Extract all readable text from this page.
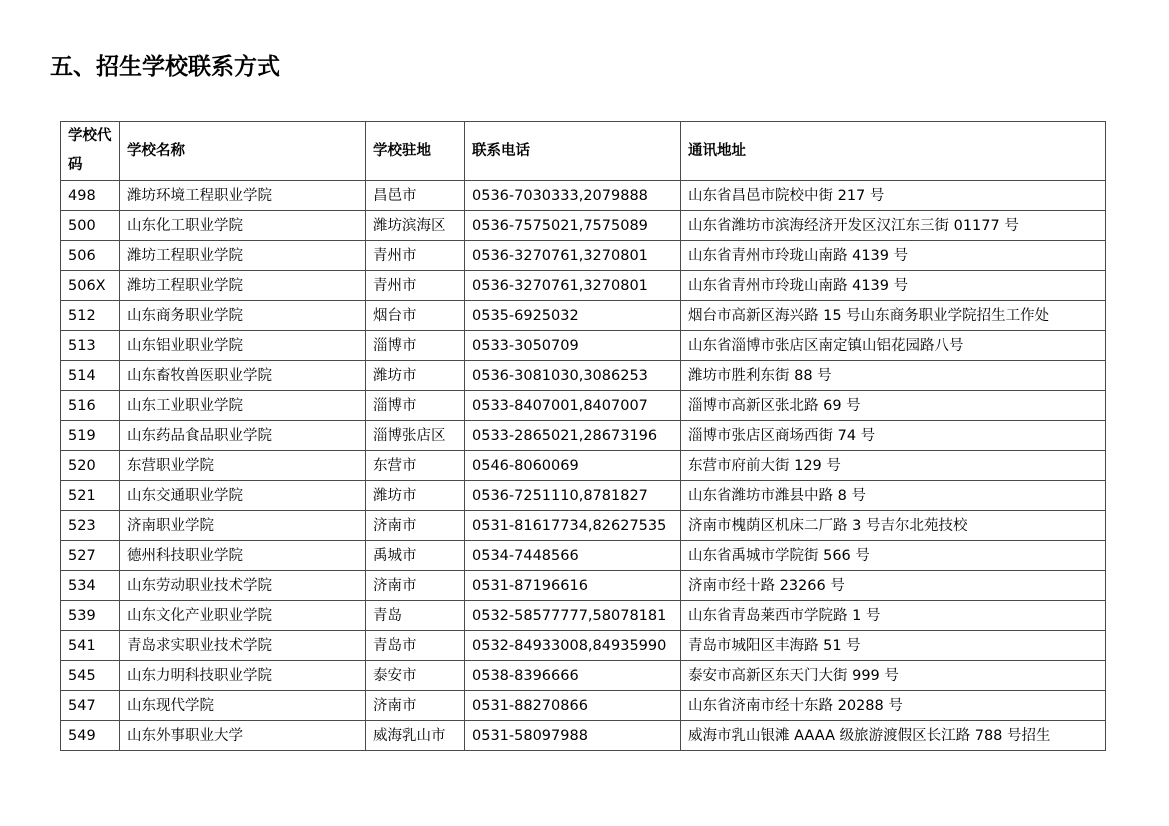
五、招生学校联系方式
学校代码	学校名称	学校驻地	联系电话	通讯地址
498	潍坊环境工程职业学院	昌邑市	0536-7030333,2079888	山东省昌邑市院校中街 217 号
500	山东化工职业学院	潍坊滨海区	0536-7575021,7575089	山东省潍坊市滨海经济开发区汉江东三街 01177 号
506	潍坊工程职业学院	青州市	0536-3270761,3270801	山东省青州市玲珑山南路 4139 号
506X	潍坊工程职业学院	青州市	0536-3270761,3270801	山东省青州市玲珑山南路 4139 号
512	山东商务职业学院	烟台市	0535-6925032	烟台市高新区海兴路 15 号山东商务职业学院招生工作处
513	山东铝业职业学院	淄博市	0533-3050709	山东省淄博市张店区南定镇山铝花园路八号
514	山东畜牧兽医职业学院	潍坊市	0536-3081030,3086253	潍坊市胜利东街 88 号
516	山东工业职业学院	淄博市	0533-8407001,8407007	淄博市高新区张北路 69 号
519	山东药品食品职业学院	淄博张店区	0533-2865021,28673196	淄博市张店区商场西街 74 号
520	东营职业学院	东营市	0546-8060069	东营市府前大街 129 号
521	山东交通职业学院	潍坊市	0536-7251110,8781827	山东省潍坊市潍县中路 8 号
523	济南职业学院	济南市	0531-81617734,82627535	济南市槐荫区机床二厂路 3 号吉尔北苑技校
527	德州科技职业学院	禹城市	0534-7448566	山东省禹城市学院街 566 号
534	山东劳动职业技术学院	济南市	0531-87196616	济南市经十路 23266 号
539	山东文化产业职业学院	青岛	0532-58577777,58078181	山东省青岛莱西市学院路 1 号
541	青岛求实职业技术学院	青岛市	0532-84933008,84935990	青岛市城阳区丰海路 51 号
545	山东力明科技职业学院	泰安市	0538-8396666	泰安市高新区东天门大街 999 号
547	山东现代学院	济南市	0531-88270866	山东省济南市经十东路 20288 号
549	山东外事职业大学	威海乳山市	0531-58097988	威海市乳山银滩 AAAA 级旅游渡假区长江路 788 号招生
